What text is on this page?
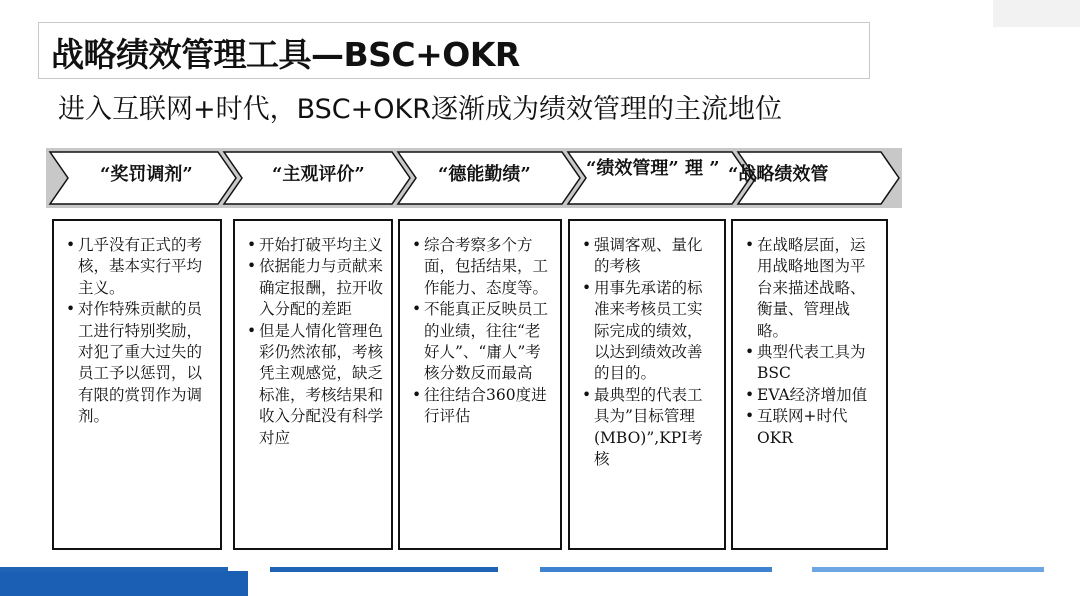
战略绩效管理工具—BSC+OKR
进入互联网+时代，BSC+OKR逐渐成为绩效管理的主流地位
“奖罚调剂”	“主观评价”	“德能勤绩”	“绩效管理” 理 ” “战略绩效管
• 几乎没有正式的考核，基本实行平均主义。
• 对作特殊贡献的员工进行特别奖励，对犯了重大过失的员工予以惩罚，以有限的赏罚作为调剂。
• 开始打破平均主义
• 依据能力与贡献来确定报酬，拉开收入分配的差距
• 但是人情化管理色彩仍然浓郁，考核凭主观感觉，缺乏标准，考核结果和收入分配没有科学对应
• 综合考察多个方面，包括结果，工作能力、态度等。
• 不能真正反映员工的业绩，往往“老好人”、“庸人”考核分数反而最高
• 往往结合360度进行评估
• 强调客观、量化的考核
• 用事先承诺的标准来考核员工实际完成的绩效，以达到绩效改善的目的。
• 最典型的代表工具为”目标管理(MBO)”,KPI考核
• 在战略层面，运用战略地图为平台来描述战略、衡量、管理战略。
• 典型代表工具为BSC
• EVA经济增加值
• 互联网+时代OKR
